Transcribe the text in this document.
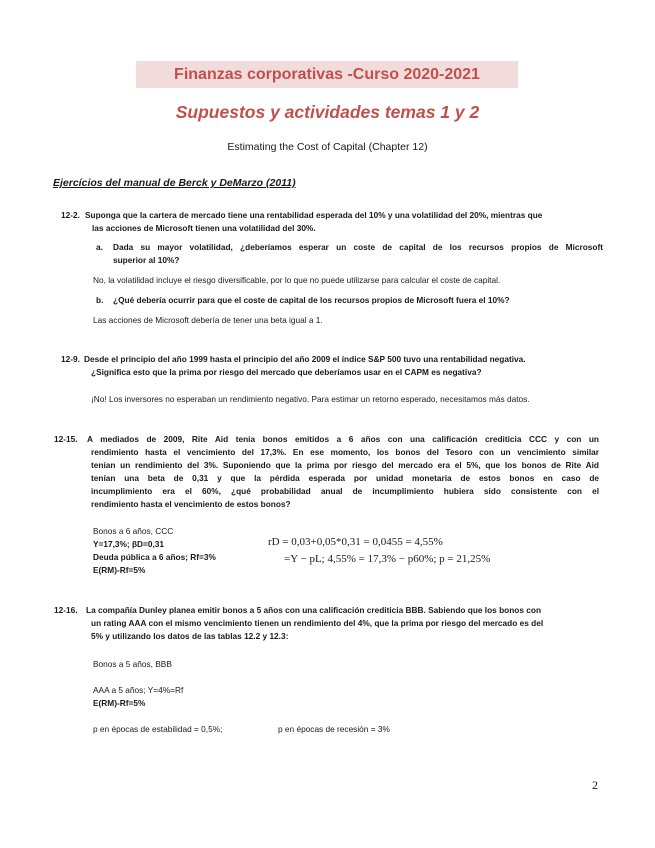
Finanzas corporativas -Curso 2020-2021
Supuestos y actividades temas 1 y 2
Estimating the Cost of Capital (Chapter 12)
Ejercícios del manual de Berck y DeMarzo (2011)
12-2. Suponga que la cartera de mercado tiene una rentabilidad esperada del 10% y una volatilidad del 20%, mientras que
las acciones de Microsoft tienen una volatilidad del 30%.
a. Dada su mayor volatilidad, ¿deberíamos esperar un coste de capital de los recursos propios de Microsoft
superior al 10%?
No, la volatilidad incluye el riesgo diversificable, por lo que no puede utilizarse para calcular el coste de capital.
b. ¿Qué debería ocurrir para que el coste de capital de los recursos propios de Microsoft fuera el 10%?
Las acciones de Microsoft debería de tener una beta igual a 1.
12-9. Desde el principio del año 1999 hasta el principio del año 2009 el índice S&P 500 tuvo una rentabilidad negativa.
¿Significa esto que la prima por riesgo del mercado que deberíamos usar en el CAPM es negativa?
¡No! Los inversores no esperaban un rendimiento negativo. Para estimar un retorno esperado, necesitamos más datos.
12-15. A mediados de 2009, Rite Aid tenía bonos emitidos a 6 años con una calificación crediticia CCC y con un
rendimiento hasta el vencimiento del 17,3%. En ese momento, los bonos del Tesoro con un vencimiento similar
tenían un rendimiento del 3%. Suponiendo que la prima por riesgo del mercado era el 5%, que los bonos de Rite Aid
tenían una beta de 0,31 y que la pérdida esperada por unidad monetaria de estos bonos en caso de
incumplimiento era el 60%, ¿qué probabilidad anual de incumplimiento hubiera sido consistente con el
rendimiento hasta el vencimiento de estos bonos?
Bonos a 6 años, CCC
Y=17,3%; βD=0,31
Deuda pública a 6 años; Rf=3%
E(RM)-Rf=5%
rD = 0,03+0,05*0,31 = 0,0455 = 4,55%
=Y − pL; 4,55% = 17,3% − p60%; p = 21,25%
12-16. La compañía Dunley planea emitir bonos a 5 años con una calificación crediticia BBB. Sabiendo que los bonos con
un rating AAA con el mismo vencimiento tienen un rendimiento del 4%, que la prima por riesgo del mercado es del
5% y utilizando los datos de las tablas 12.2 y 12.3:
Bonos a 5 años, BBB
AAA a 5 años; Y=4%=Rf
E(RM)-Rf=5%
p en épocas de estabilidad = 0,5%;	p en épocas de recesión = 3%
2
